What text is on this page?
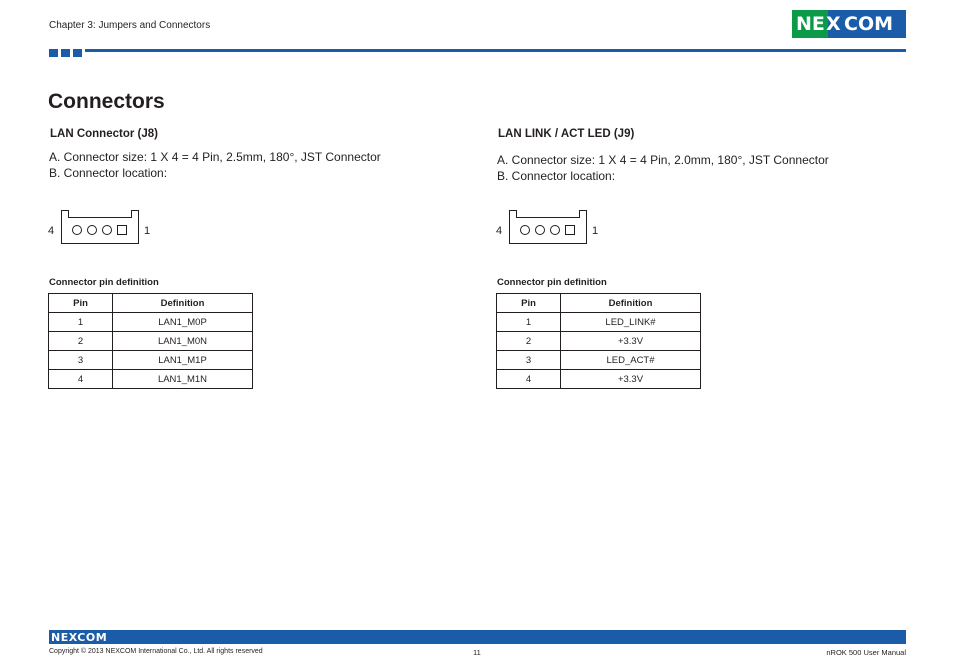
Chapter 3: Jumpers and Connectors	NE X COM
Connectors
LAN Connector (J8)
A. Connector size: 1 X 4 = 4 Pin, 2.5mm, 180°, JST Connector
B. Connector location:
4	1
Connector pin definition
Pin	Definition
1	LAN1_M0P
2	LAN1_M0N
3	LAN1_M1P
4	LAN1_M1N
LAN LINK / ACT LED (J9)
A. Connector size: 1 X 4 = 4 Pin, 2.0mm, 180°, JST Connector
B. Connector location:
4	1
Connector pin definition
Pin	Definition
1	LED_LINK#
2	+3.3V
3	LED_ACT#
4	+3.3V
NEXCOM
Copyright © 2013 NEXCOM International Co., Ltd. All rights reserved	11	nROK 500 User Manual
